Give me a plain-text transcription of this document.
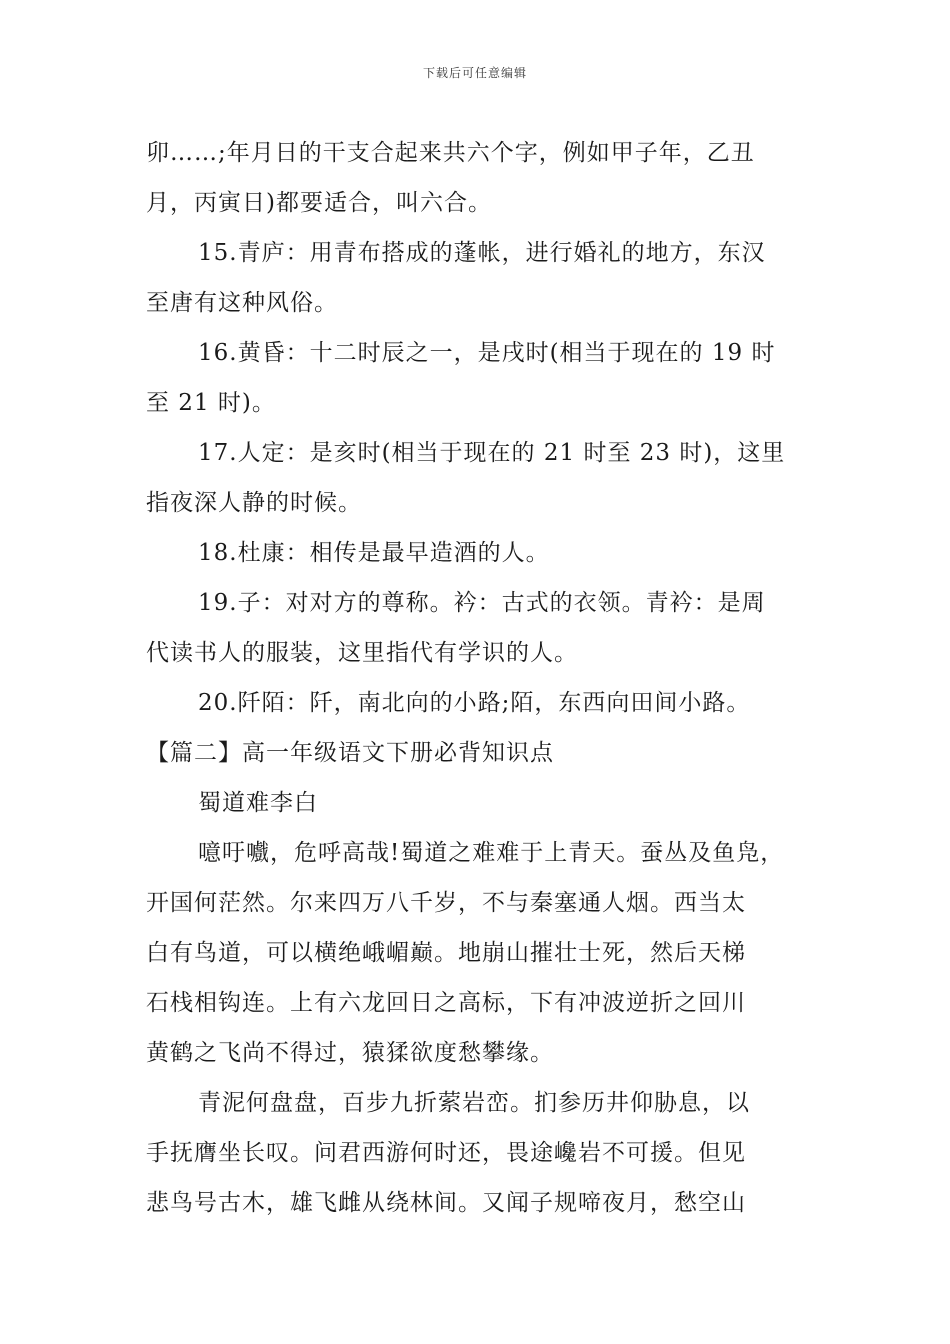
下载后可任意编辑
卯……;年月日的干支合起来共六个字，例如甲子年，乙丑
月，丙寅日)都要适合，叫六合。
15.青庐：用青布搭成的蓬帐，进行婚礼的地方，东汉
至唐有这种风俗。
16.黄昏：十二时辰之一，是戌时(相当于现在的 19 时
至 21 时)。
17.人定：是亥时(相当于现在的 21 时至 23 时)，这里
指夜深人静的时候。
18.杜康：相传是最早造酒的人。
19.子：对对方的尊称。衿：古式的衣领。青衿：是周
代读书人的服装，这里指代有学识的人。
20.阡陌：阡，南北向的小路;陌，东西向田间小路。
【篇二】高一年级语文下册必背知识点
蜀道难李白
噫吁嚱，危呼高哉!蜀道之难难于上青天。蚕丛及鱼凫，
开国何茫然。尔来四万八千岁，不与秦塞通人烟。西当太
白有鸟道，可以横绝峨嵋巅。地崩山摧壮士死，然后天梯
石栈相钩连。上有六龙回日之高标，下有冲波逆折之回川
黄鹤之飞尚不得过，猿猱欲度愁攀缘。
青泥何盘盘，百步九折萦岩峦。扪参历井仰胁息，以
手抚膺坐长叹。问君西游何时还，畏途巉岩不可援。但见
悲鸟号古木，雄飞雌从绕林间。又闻子规啼夜月，愁空山
